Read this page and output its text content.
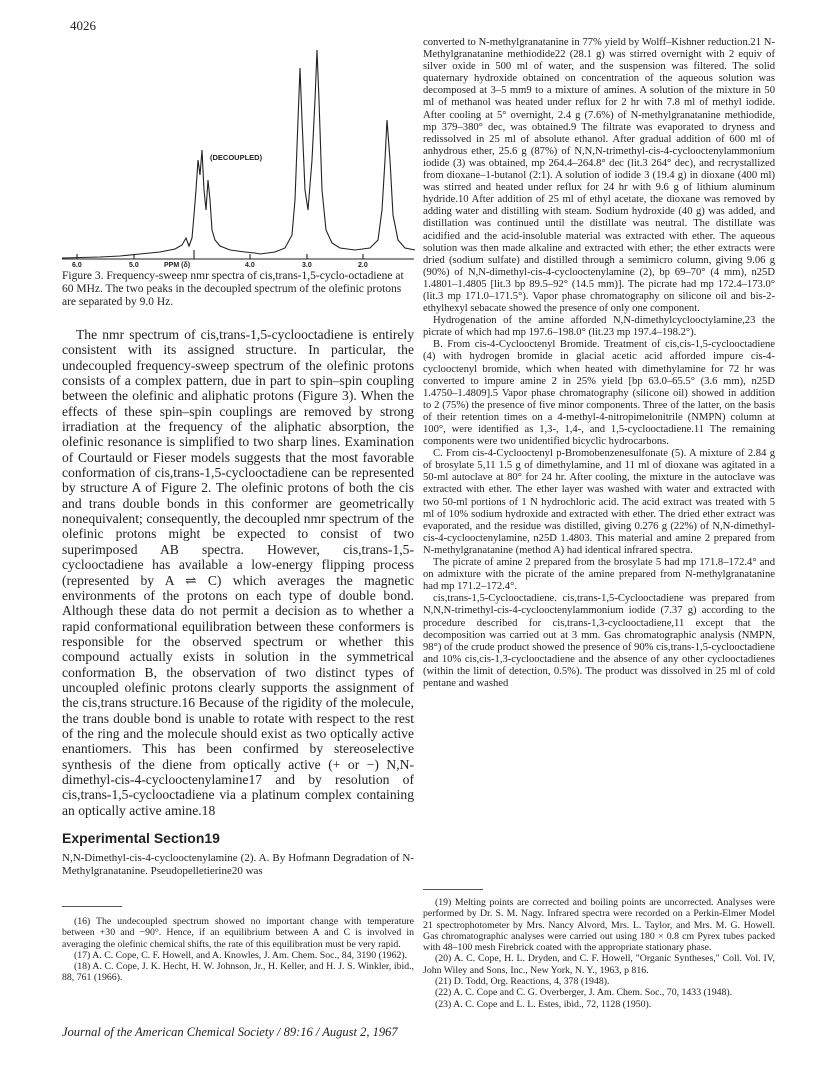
4026
(DECOUPLED)
6.0	5.0	PPM (δ)	4.0	3.0	2.0
Figure 3. Frequency-sweep nmr spectra of cis,trans-1,5-cyclo-octadiene at 60 MHz. The two peaks in the decoupled spectrum of the olefinic protons are separated by 9.0 Hz.

The nmr spectrum of cis,trans-1,5-cyclooctadiene is entirely consistent with its assigned structure. In particular, the undecoupled frequency-sweep spectrum of the olefinic protons consists of a complex pattern, due in part to spin–spin coupling between the olefinic and aliphatic protons (Figure 3). When the effects of these spin–spin couplings are removed by strong irradiation at the frequency of the aliphatic absorption, the olefinic resonance is simplified to two sharp lines. Examination of Courtauld or Fieser models suggests that the most favorable conformation of cis,trans-1,5-cyclooctadiene can be represented by structure A of Figure 2. The olefinic protons of both the cis and trans double bonds in this conformer are geometrically nonequivalent; consequently, the decoupled nmr spectrum of the olefinic protons might be expected to consist of two superimposed AB spectra. However, cis,trans-1,5-cyclooctadiene has available a low-energy flipping process (represented by A ⇌ C) which averages the magnetic environments of the protons on each type of double bond. Although these data do not permit a decision as to whether a rapid conformational equilibration between these conformers is responsible for the observed spectrum or whether this compound actually exists in solution in the symmetrical conformation B, the observation of two distinct types of uncoupled olefinic protons clearly supports the assignment of the cis,trans structure.16 Because of the rigidity of the molecule, the trans double bond is unable to rotate with respect to the rest of the ring and the molecule should exist as two optically active enantiomers. This has been confirmed by stereoselective synthesis of the diene from optically active (+ or −) N,N-dimethyl-cis-4-cyclooctenylamine17 and by resolution of cis,trans-1,5-cyclooctadiene via a platinum complex containing an optically active amine.18

Experimental Section19
N,N-Dimethyl-cis-4-cyclooctenylamine (2). A. By Hofmann Degradation of N-Methylgranatanine. Pseudopelletierine20 was

(16) The undecoupled spectrum showed no important change with temperature between +30 and −90°. Hence, if an equilibrium between A and C is involved in averaging the olefinic chemical shifts, the rate of this equilibration must be very rapid.

(17) A. C. Cope, C. F. Howell, and A. Knowles, J. Am. Chem. Soc., 84, 3190 (1962).

(18) A. C. Cope, J. K. Hecht, H. W. Johnson, Jr., H. Keller, and H. J. S. Winkler, ibid., 88, 761 (1966).

converted to N-methylgranatanine in 77% yield by Wolff–Kishner reduction.21 N-Methylgranatanine methiodide22 (28.1 g) was stirred overnight with 2 equiv of silver oxide in 500 ml of water, and the suspension was filtered. The solid quaternary hydroxide obtained on concentration of the aqueous solution was decomposed at 3–5 mm9 to a mixture of amines. A solution of the mixture in 50 ml of methanol was heated under reflux for 2 hr with 7.8 ml of methyl iodide. After cooling at 5° overnight, 2.4 g (7.6%) of N-methylgranatanine methiodide, mp 379–380° dec, was obtained.9 The filtrate was evaporated to dryness and redissolved in 25 ml of absolute ethanol. After gradual addition of 600 ml of anhydrous ether, 25.6 g (87%) of N,N,N-trimethyl-cis-4-cyclooctenylammonium iodide (3) was obtained, mp 264.4–264.8° dec (lit.3 264° dec), and recrystallized from dioxane–1-butanol (2:1). A solution of iodide 3 (19.4 g) in dioxane (400 ml) was stirred and heated under reflux for 24 hr with 9.6 g of lithium aluminum hydride.10 After addition of 25 ml of ethyl acetate, the dioxane was removed by adding water and distilling with steam. Sodium hydroxide (40 g) was added, and distillation was continued until the distillate was neutral. The distillate was acidified and the acid-insoluble material was extracted with ether. The aqueous solution was then made alkaline and extracted with ether; the ether extracts were dried (sodium sulfate) and distilled through a semimicro column, giving 9.06 g (90%) of N,N-dimethyl-cis-4-cyclooctenylamine (2), bp 69–70° (4 mm), n25D 1.4801–1.4805 [lit.3 bp 89.5–92° (14.5 mm)]. The picrate had mp 172.4–173.0° (lit.3 mp 171.0–171.5°). Vapor phase chromatography on silicone oil and bis-2-ethylhexyl sebacate showed the presence of only one component.

Hydrogenation of the amine afforded N,N-dimethylcyclooctylamine,23 the picrate of which had mp 197.6–198.0° (lit.23 mp 197.4–198.2°).

B. From cis-4-Cyclooctenyl Bromide. Treatment of cis,cis-1,5-cyclooctadiene (4) with hydrogen bromide in glacial acetic acid afforded impure cis-4-cyclooctenyl bromide, which when heated with dimethylamine for 72 hr was converted to impure amine 2 in 25% yield [bp 63.0–65.5° (3.6 mm), n25D 1.4750–1.4809].5 Vapor phase chromatography (silicone oil) showed in addition to 2 (75%) the presence of five minor components. Three of the latter, on the basis of their retention times on a 4-methyl-4-nitropimelonitrile (NMPN) column at 100°, were identified as 1,3-, 1,4-, and 1,5-cyclooctadiene.11 The remaining components were two unidentified bicyclic hydrocarbons.

C. From cis-4-Cyclooctenyl p-Bromobenzenesulfonate (5). A mixture of 2.84 g of brosylate 5,11 1.5 g of dimethylamine, and 11 ml of dioxane was agitated in a 50-ml autoclave at 80° for 24 hr. After cooling, the mixture in the autoclave was extracted with ether. The ether layer was washed with water and extracted with two 50-ml portions of 1 N hydrochloric acid. The acid extract was treated with 5 ml of 10% sodium hydroxide and extracted with ether. The dried ether extract was evaporated, and the residue was distilled, giving 0.276 g (22%) of N,N-dimethyl-cis-4-cyclooctenylamine, n25D 1.4803. This material and amine 2 prepared from N-methylgranatanine (method A) had identical infrared spectra.

The picrate of amine 2 prepared from the brosylate 5 had mp 171.8–172.4° and on admixture with the picrate of the amine prepared from N-methylgranatanine had mp 171.2–172.4°.

cis,trans-1,5-Cyclooctadiene. cis,trans-1,5-Cyclooctadiene was prepared from N,N,N-trimethyl-cis-4-cyclooctenylammonium iodide (7.37 g) according to the procedure described for cis,trans-1,3-cyclooctadiene,11 except that the decomposition was carried out at 3 mm. Gas chromatographic analysis (NMPN, 98°) of the crude product showed the presence of 90% cis,trans-1,5-cyclooctadiene and 10% cis,cis-1,3-cyclooctadiene and the absence of any other cyclooctadienes (within the limit of detection, 0.5%). The product was dissolved in 25 ml of cold pentane and washed

(19) Melting points are corrected and boiling points are uncorrected. Analyses were performed by Dr. S. M. Nagy. Infrared spectra were recorded on a Perkin-Elmer Model 21 spectrophotometer by Mrs. Nancy Alvord, Mrs. L. Taylor, and Mrs. M. G. Howell. Gas chromatographic analyses were carried out using 180 × 0.8 cm Pyrex tubes packed with 48–100 mesh Firebrick coated with the appropriate stationary phase.

(20) A. C. Cope, H. L. Dryden, and C. F. Howell, "Organic Syntheses," Coll. Vol. IV, John Wiley and Sons, Inc., New York, N. Y., 1963, p 816.

(21) D. Todd, Org. Reactions, 4, 378 (1948).

(22) A. C. Cope and C. G. Overberger, J. Am. Chem. Soc., 70, 1433 (1948).

(23) A. C. Cope and L. L. Estes, ibid., 72, 1128 (1950).

Journal of the American Chemical Society / 89:16 / August 2, 1967
